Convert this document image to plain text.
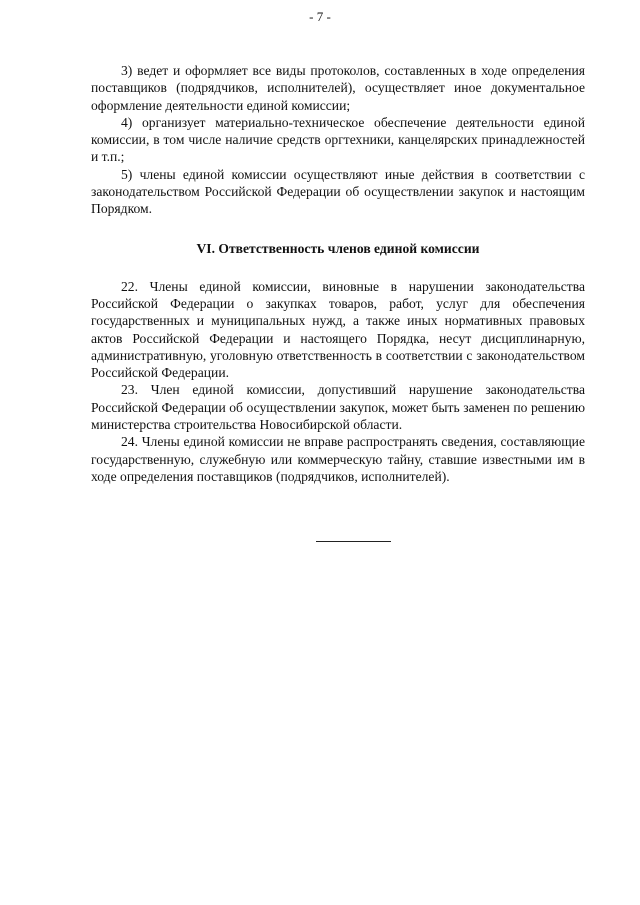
- 7 -

3) ведет и оформляет все виды протоколов, составленных в ходе определения поставщиков (подрядчиков, исполнителей), осуществляет иное документальное оформление деятельности единой комиссии;

4) организует материально-техническое обеспечение деятельности единой комиссии, в том числе наличие средств оргтехники, канцелярских принадлежностей и т.п.;

5) члены единой комиссии осуществляют иные действия в соответствии с законодательством Российской Федерации об осуществлении закупок и настоящим Порядком.

VI. Ответственность членов единой комиссии

22. Члены единой комиссии, виновные в нарушении законодательства Российской Федерации о закупках товаров, работ, услуг для обеспечения государственных и муниципальных нужд, а также иных нормативных правовых актов Российской Федерации и настоящего Порядка, несут дисциплинарную, административную, уголовную ответственность в соответствии с законодательством Российской Федерации.

23. Член единой комиссии, допустивший нарушение законодательства Российской Федерации об осуществлении закупок, может быть заменен по решению министерства строительства Новосибирской области.

24. Члены единой комиссии не вправе распространять сведения, составляющие государственную, служебную или коммерческую тайну, ставшие известными им в ходе определения поставщиков (подрядчиков, исполнителей).
